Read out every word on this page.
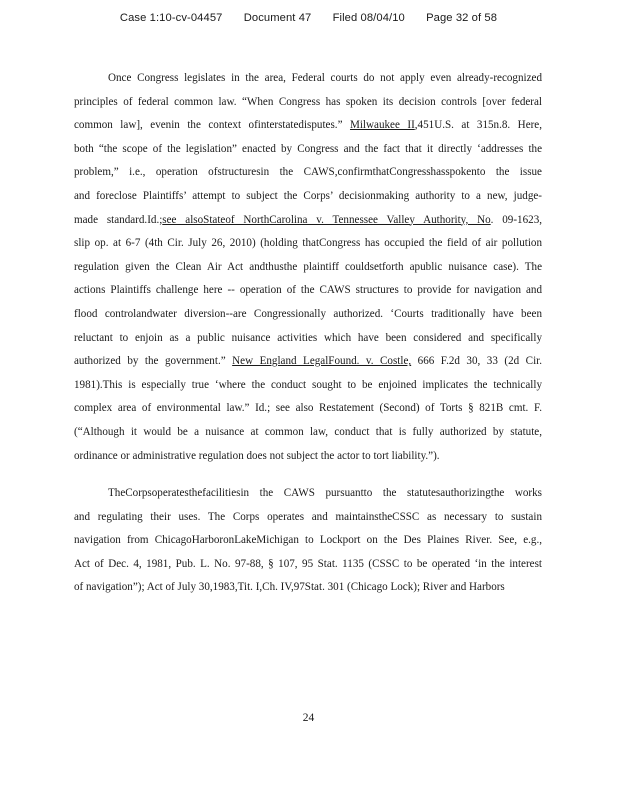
Case 1:10-cv-04457 Document 47 Filed 08/04/10 Page 32 of 58
Once Congress legislates in the area, Federal courts do not apply even already-recognized
principles of federal common law. “When Congress has spoken its decision controls [over federal
common law], evenin the context ofinterstatedisputes.” Milwaukee II,451U.S. at 315n.8. Here,
both “the scope of the legislation” enacted by Congress and the fact that it directly ‘addresses the
problem,” i.e., operation ofstructuresin the CAWS,confirmthatCongresshasspokento the issue
and foreclose Plaintiffs’ attempt to subject the Corps’ decisionmaking authority to a new, judge-
made standard.Id.;see alsoStateof NorthCarolina v. Tennessee Valley Authority, No. 09-1623,
slip op. at 6-7 (4th Cir. July 26, 2010) (holding thatCongress has occupied the field of air pollution
regulation given the Clean Air Act andthusthe plaintiff couldsetforth apublic nuisance case). The
actions Plaintiffs challenge here -- operation of the CAWS structures to provide for navigation and
flood controlandwater diversion--are Congressionally authorized. ‘Courts traditionally have been
reluctant to enjoin as a public nuisance activities which have been considered and specifically
authorized by the government.” New England LegalFound. v. Costle, 666 F.2d 30, 33 (2d Cir.
1981).This is especially true ‘where the conduct sought to be enjoined implicates the technically
complex area of environmental law.” Id.; see also Restatement (Second) of Torts § 821B cmt. F.
(“Although it would be a nuisance at common law, conduct that is fully authorized by statute,
ordinance or administrative regulation does not subject the actor to tort liability.”).
TheCorpsoperatesthefacilitiesin the CAWS pursuantto the statutesauthorizingthe works
and regulating their uses. The Corps operates and maintainstheCSSC as necessary to sustain
navigation from ChicagoHarboronLakeMichigan to Lockport on the Des Plaines River. See, e.g.,
Act of Dec. 4, 1981, Pub. L. No. 97-88, § 107, 95 Stat. 1135 (CSSC to be operated ‘in the interest
of navigation”); Act of July 30,1983,Tit. I,Ch. IV,97Stat. 301 (Chicago Lock); River and Harbors
24
